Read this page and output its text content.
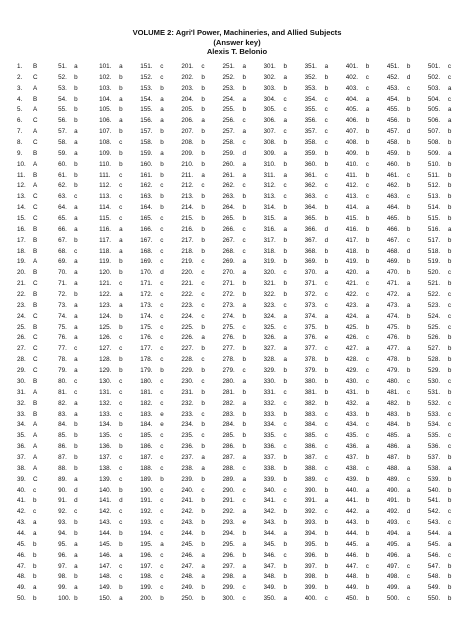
VOLUME 2: Agri'l Power, Machineries, and Allied Subjects
(Answer key)
Alexis T. Belonio
1. B
2. C
3. A
4. B
5. A
6. C
7. A
8. C
9. B
10. A
11. B
12. A
13. C
14. C
15. C
16. B
17. B
18. B
19. A
20. B
21. C
22. B
23. B
24. C
25. B
26. C
27. C
28. C
29. C
30. B
31. A
32. B
33. B
34. A
35. A
36. A
37. A
38. A
39. C
40. c
41. b
42. c
43. a
44. a
45. b
46. b
47. b
48. b
49. a
50. b
51. a
52. b
53. b
54. b
55. b
56. b
57. a
58. a
59. a
60. b
61. b
62. b
63. c
64. a
65. a
66. a
67. b
68. c
69. a
70. a
71. a
72. b
73. a
74. a
75. a
76. a
77. c
78. a
79. a
80. c
81. c
82. a
83. a
84. b
85. b
86. b
87. b
88. b
89. a
90. d
91. d
92. c
93. b
94. b
95. a
96. a
97. a
98. b
99. a
100. b
101. a
102. b
103. b
104. a
105. b
106. a
107. b
108. c
109. b
110. b
111. c
112. c
113. c
114. c
115. c
116. a
117. a
118. a
119. b
120. b
121. c
122. a
123. a
124. b
125. b
126. c
127. c
128. b
129. b
130. c
131. c
132. c
133. c
134. b
135. c
136. b
137. c
138. c
139. c
140. b
141. d
142. c
143. c
144. b
145. b
146. a
147. c
148. c
149. b
150. a
151. c
152. c
153. b
154. a
155. a
156. a
157. b
158. b
159. a
160. b
161. b
162. c
163. b
164. b
165. c
166. c
167. c
168. c
169. c
170. d
171. c
172. c
173. c
174. c
175. c
176. c
177. c
178. c
179. b
180. c
181. c
182. c
183. e
184. e
185. c
186. c
187. c
188. c
189. b
190. c
191. c
192. c
193. c
194. c
195. a
196. c
197. c
198. c
199. c
200. b
201. c
202. b
203. b
204. b
205. b
206. a
207. b
208. b
209. b
210. b
211. a
212. c
213. b
214. b
215. b
216. b
217. b
218. b
219. c
220. c
221. c
222. c
223. c
224. c
225. b
226. a
227. b
228. c
229. b
230. c
231. b
232. b
233. c
234. b
235. c
236. b
237. a
238. a
239. b
240. c
241. b
242. b
243. b
244. b
245. b
246. a
247. a
248. a
249. b
250. b
251. a
252. b
253. b
254. a
255. b
256. c
257. a
258. c
259. d
260. a
261. a
262. c
263. b
264. b
265. b
266. c
267. c
268. c
269. a
270. a
271. b
272. b
273. a
274. b
275. c
276. b
277. b
278. b
279. c
280. a
281. b
282. a
283. b
284. b
285. b
286. b
287. a
288. c
289. a
290. c
291. c
292. a
293. e
294. b
295. a
296. b
297. a
298. a
299. c
300. c
301. b
302. a
303. b
304. c
305. c
306. a
307. c
308. b
309. a
310. b
311. a
312. c
313. c
314. b
315. a
316. a
317. b
318. b
319. b
320. c
321. b
322. b
323. c
324. a
325. c
326. a
327. a
328. a
329. b
330. b
331. c
332. c
333. b
334. c
335. c
336. c
337. b
338. b
339. b
340. c
341. c
342. b
343. b
344. a
345. b
346. c
347. b
348. b
349. b
350. a
351. a
352. b
353. b
354. c
355. c
356. c
357. c
358. c
359. b
360. b
361. c
362. c
363. c
364. b
365. b
366. d
367. d
368. b
369. b
370. a
371. c
372. c
373. c
374. a
375. b
376. e
377. c
378. b
379. b
380. b
381. b
382. b
383. c
384. c
385. c
386. c
387. c
388. c
389. c
390. b
391. a
392. c
393. b
394. b
395. b
396. b
397. b
398. b
399. b
400. c
401. b
402. c
403. c
404. a
405. a
406. b
407. b
408. b
409. b
410. c
411. b
412. c
413. c
414. a
415. b
416. b
417. b
418. b
419. b
420. a
421. c
422. c
423. a
424. a
425. b
426. c
427. a
428. c
429. c
430. c
431. b
432. a
433. b
434. c
435. c
436. a
437. b
438. c
439. b
440. a
441. b
442. a
443. b
444. b
445. a
446. b
447. c
448. b
449. b
450. b
451. b
452. d
453. c
454. b
455. b
456. b
457. d
458. b
459. b
460. b
461. c
462. b
463. c
464. b
465. b
466. b
467. c
468. d
469. b
470. b
471. a
472. a
473. a
474. b
475. b
476. b
477. a
478. b
479. b
480. c
481. c
482. b
483. b
484. b
485. a
486. a
487. b
488. a
489. c
490. a
491. b
492. d
493. c
494. a
495. a
496. a
497. c
498. c
499. a
500. c
501. c
502. c
503. a
504. c
505. a
506. a
507. b
508. b
509. a
510. b
511. b
512. b
513. b
514. b
515. b
516. a
517. b
518. b
519. b
520. c
521. b
522. c
523. c
524. c
525. c
526. b
527. b
528. b
529. b
530. c
531. b
532. c
533. c
534. c
535. c
536. c
537. b
538. a
539. b
540. b
541. b
542. c
543. c
544. a
545. a
546. c
547. b
548. b
549. b
550. b
